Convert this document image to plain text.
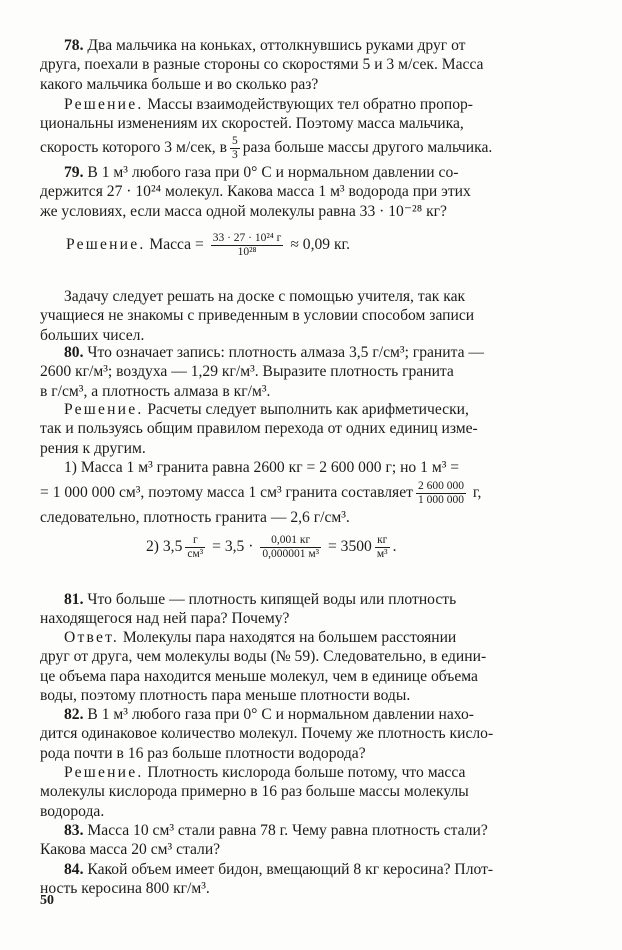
78. Два мальчика на коньках, оттолкнувшись руками друг от
друга, поехали в разные стороны со скоростями 5 и 3 м/сек. Масса
какого мальчика больше и во сколько раз?
Решение. Массы взаимодействующих тел обратно пропор-
циональны изменениям их скоростей. Поэтому масса мальчика,
скорость которого 3 м/сек, в $\frac{5}{3}$ раза больше массы другого мальчика.
79. В 1 м³ любого газа при 0° С и нормальном давлении со-
держится 27 · 10²⁴ молекул. Какова масса 1 м³ водорода при этих
же условиях, если масса одной молекулы равна 33 · 10⁻²⁸ кг?
Решение. Масса = $\frac{\text{33 · 27 · 10²⁴ г}}{\text{10²⁸}} \approx 0,09$ кг.
Задачу следует решать на доске с помощью учителя, так как
учащиеся не знакомы с приведенным в условии способом записи
больших чисел.
80. Что означает запись: плотность алмаза 3,5 г/см³; гранита —
2600 кг/м³; воздуха — 1,29 кг/м³. Выразите плотность гранита
в г/см³, а плотность алмаза в кг/м³.
Решение. Расчеты следует выполнить как арифметически,
так и пользуясь общим правилом перехода от одних единиц изме-
рения к другим.
1) Масса 1 м³ гранита равна 2600 кг = 2 600 000 г; но 1 м³ =
= 1 000 000 см³, поэтому масса 1 см³ гранита составляет $\frac{2 600 000}{1 000 000} г$,
следовательно, плотность гранита — 2,6 г/см³.
2) $3,5 \frac{г}{\text{см³}} = 3,5 \cdot \frac{0,001 кг}{\text{0,000001 м³}} = 3500 \frac{кг}{\text{м³}}$ .
81. Что больше — плотность кипящей воды или плотность
находящегося над ней пара? Почему?
Ответ. Молекулы пара находятся на большем расстоянии
друг от друга, чем молекулы воды (№ 59). Следовательно, в едини-
це объема пара находится меньше молекул, чем в единице объема
воды, поэтому плотность пара меньше плотности воды.
82. В 1 м³ любого газа при 0° С и нормальном давлении нахо-
дится одинаковое количество молекул. Почему же плотность кисло-
рода почти в 16 раз больше плотности водорода?
Решение. Плотность кислорода больше потому, что масса
молекулы кислорода примерно в 16 раз больше массы молекулы
водорода.
83. Масса 10 см³ стали равна 78 г. Чему равна плотность стали?
Какова масса 20 см³ стали?
84. Какой объем имеет бидон, вмещающий 8 кг керосина? Плот-
ность керосина 800 кг/м³.
50
